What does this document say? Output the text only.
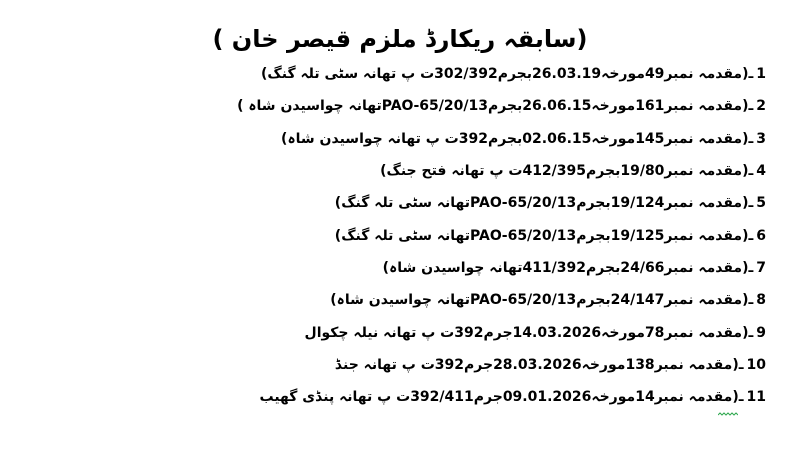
(سابقہ ریکارڈ ملزم قیصر خان )
ـ(مقدمہ نمبر49مورخہ26.03.19بجرم302/392ت پ تھانہ سٹی تلہ گنگ) 1
ـ(مقدمہ نمبر161مورخہ26.06.15بجرم65/20/13-PAOتھانہ چواسیدن شاہ ) 2
ـ(مقدمہ نمبر145مورخہ02.06.15بجرم392ت پ تھانہ چواسیدن شاہ) 3
ـ(مقدمہ نمبر19/80بجرم412/395ت پ تھانہ فتح جنگ) 4
ـ(مقدمہ نمبر19/124بجرم65/20/13-PAOتھانہ سٹی تلہ گنگ) 5
ـ(مقدمہ نمبر19/125بجرم65/20/13-PAOتھانہ سٹی تلہ گنگ) 6
ـ(مقدمہ نمبر24/66بجرم411/392تھانہ چواسیدن شاہ) 7
ـ(مقدمہ نمبر24/147بجرم65/20/13-PAOتھانہ چواسیدن شاہ) 8
ـ(مقدمہ نمبر78مورخہ14.03.2026جرم392ت پ تھانہ نیلہ چکوال 9
ـ(مقدمہ نمبر138مورخہ28.03.2026جرم392ت پ تھانہ جنڈ 10
ـ(مقدمہ نمبر14مورخہ09.01.2026جرم392/411ت پ تھانہ پنڈی گھیب 11
